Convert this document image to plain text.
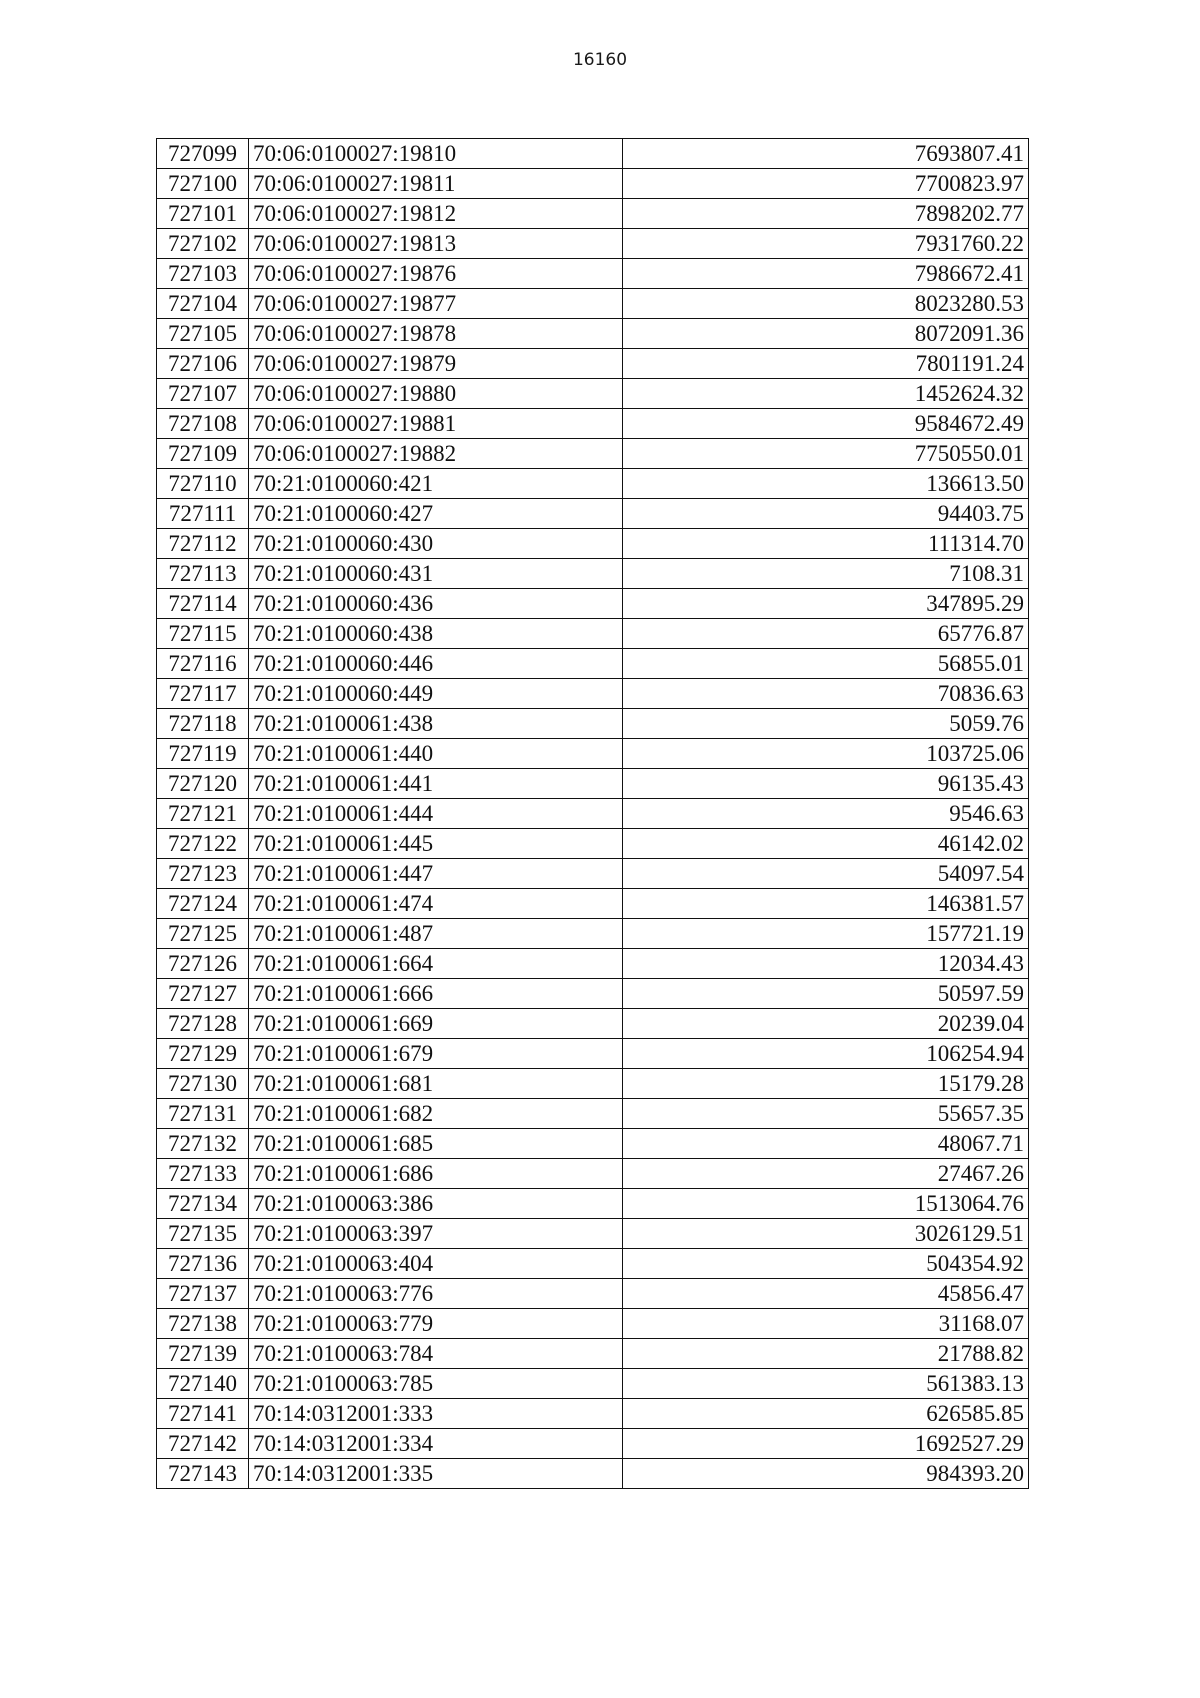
16160
727099	70:06:0100027:19810	7693807.41
727100	70:06:0100027:19811	7700823.97
727101	70:06:0100027:19812	7898202.77
727102	70:06:0100027:19813	7931760.22
727103	70:06:0100027:19876	7986672.41
727104	70:06:0100027:19877	8023280.53
727105	70:06:0100027:19878	8072091.36
727106	70:06:0100027:19879	7801191.24
727107	70:06:0100027:19880	1452624.32
727108	70:06:0100027:19881	9584672.49
727109	70:06:0100027:19882	7750550.01
727110	70:21:0100060:421	136613.50
727111	70:21:0100060:427	94403.75
727112	70:21:0100060:430	111314.70
727113	70:21:0100060:431	7108.31
727114	70:21:0100060:436	347895.29
727115	70:21:0100060:438	65776.87
727116	70:21:0100060:446	56855.01
727117	70:21:0100060:449	70836.63
727118	70:21:0100061:438	5059.76
727119	70:21:0100061:440	103725.06
727120	70:21:0100061:441	96135.43
727121	70:21:0100061:444	9546.63
727122	70:21:0100061:445	46142.02
727123	70:21:0100061:447	54097.54
727124	70:21:0100061:474	146381.57
727125	70:21:0100061:487	157721.19
727126	70:21:0100061:664	12034.43
727127	70:21:0100061:666	50597.59
727128	70:21:0100061:669	20239.04
727129	70:21:0100061:679	106254.94
727130	70:21:0100061:681	15179.28
727131	70:21:0100061:682	55657.35
727132	70:21:0100061:685	48067.71
727133	70:21:0100061:686	27467.26
727134	70:21:0100063:386	1513064.76
727135	70:21:0100063:397	3026129.51
727136	70:21:0100063:404	504354.92
727137	70:21:0100063:776	45856.47
727138	70:21:0100063:779	31168.07
727139	70:21:0100063:784	21788.82
727140	70:21:0100063:785	561383.13
727141	70:14:0312001:333	626585.85
727142	70:14:0312001:334	1692527.29
727143	70:14:0312001:335	984393.20
